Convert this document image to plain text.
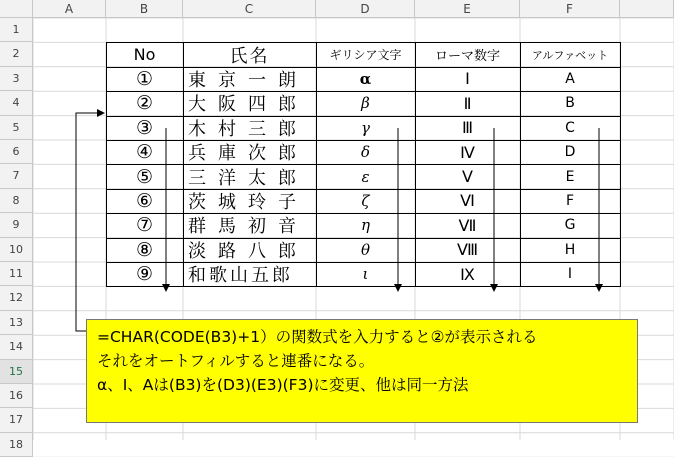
A	B	C	D	E	F
1
2
3
4
5
6
7
8
9
10
11
12
13
14
15
16
17
18
No	氏名	ギリシア文字	ローマ数字	アルファベット
①	東京一朗	α	Ⅰ	A
②	大阪四郎	β	Ⅱ	B
③	木村三郎	γ	Ⅲ	C
④	兵庫次郎	δ	Ⅳ	D
⑤	三洋太郎	ε	Ⅴ	E
⑥	茨城玲子	ζ	Ⅵ	F
⑦	群馬初音	η	Ⅶ	G
⑧	淡路八郎	θ	Ⅷ	H
⑨	和歌山五郎	ι	Ⅸ	I
=CHAR(CODE(B3)+1）の関数式を入力すると②が表示される
それをオートフィルすると連番になる。
α、Ⅰ、Aは(B3)を(D3)(E3)(F3)に変更、他は同一方法
